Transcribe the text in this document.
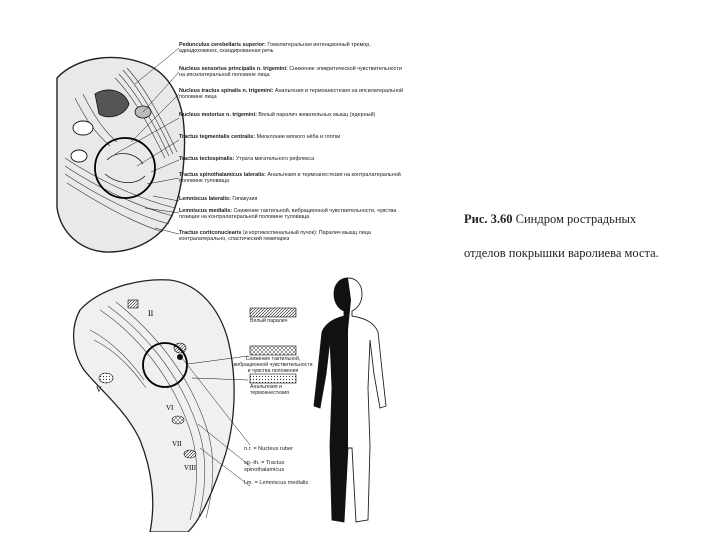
Pedunculus cerebellaris superior: Гомолатеральная интенционный тремор, адиадохокинез, скандированная речь
Nucleus sensorius principalis n. trigemini: Снижение эпикритической чувствительности на ипсилатеральной половине лица
Nucleus tractus spinalis n. trigemini: Анальгезия и термоанестезия на ипсилатеральной половине лица
Nucleus motorius n. trigemini: Вялый паралич жевательных мышц (ядерный)
Tractus tegmentalis centralis: Миоклонии мягкого нёба и глотки
Tractus tectospinalis: Утрата мигательного рефлекса
Tractus spinothalamicus lateralis: Анальгезия и термоанестезия на контралатеральной половине туловища
Lemniscus lateralis: Гипакузия
Lemniscus medialis: Снижение тактильной, вибрационной чувствительности, чувства позиции на контралатеральной половине туловища
Tractus corticonuclearis (и кортикоспинальный пучок): Паралич мышц лица контралатерально, спастический гемипарез
Рис. 3.60 Синдром рострадьных
отделов покрышки варолиева моста.
II
V
VI
VII
VIII
Вялый паралич
Снижение тактильной, вибрационной чувствительности и чувства положения
Анальгезия и термоанестезия
n.r. = Nucleus ruber
sp.-th. = Tractus spinothalamicus
l.m. = Lemniscus medialis
